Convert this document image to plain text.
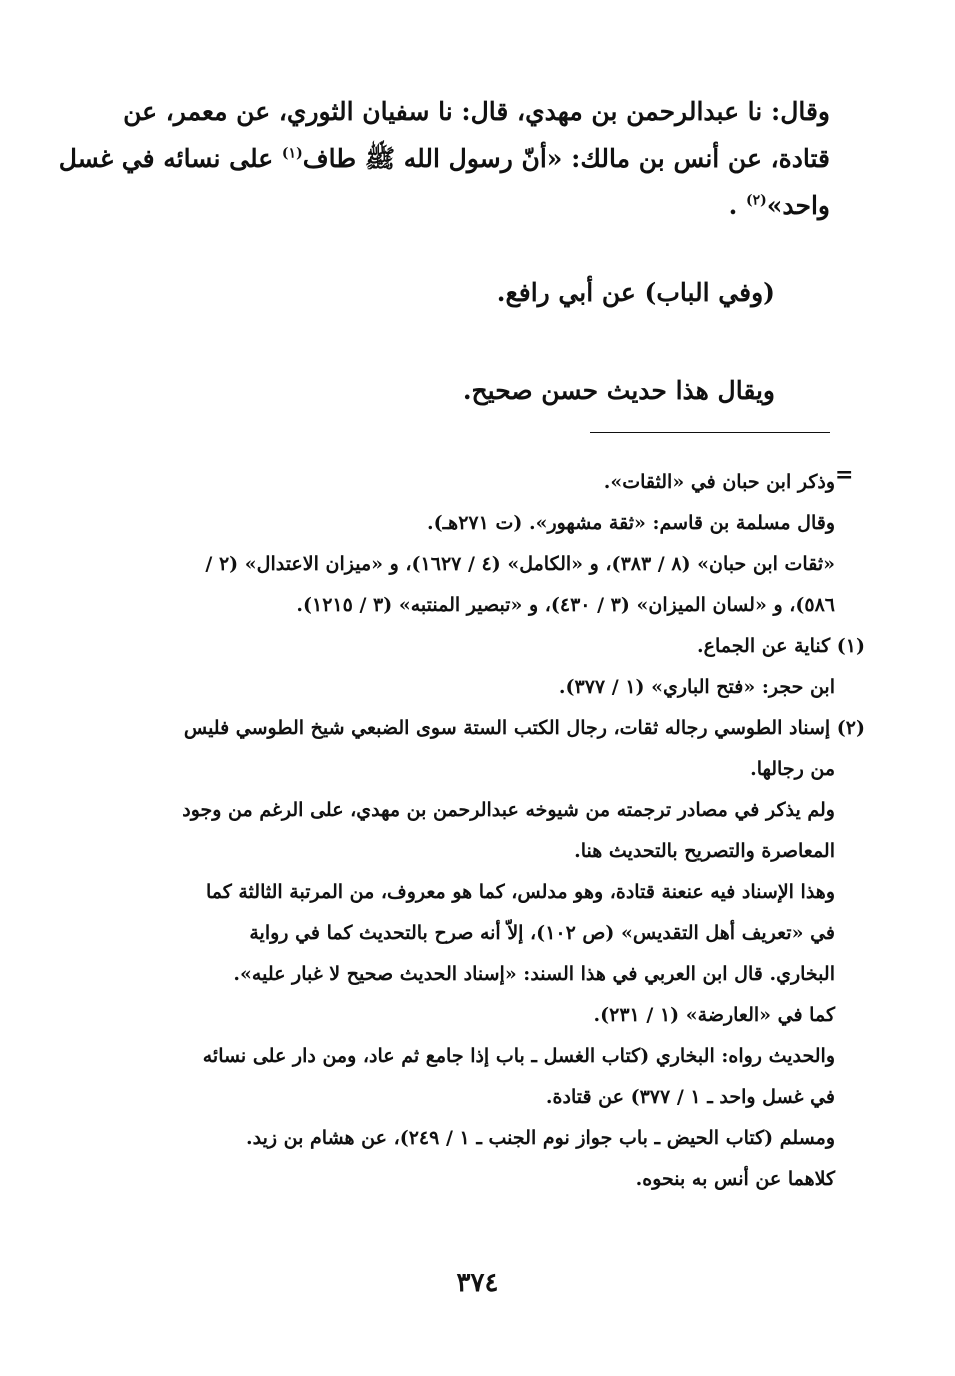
وقال: نا عبدالرحمن بن مهدي، قال: نا سفيان الثوري، عن معمر، عن
قتادة، عن أنس بن مالك: «أنّ رسول الله ﷺ طاف$^{(١)}$ على نسائه في غسل
واحد»$^{(٢)}$ .
(وفي الباب) عن أبي رافع.
ويقال هذا حديث حسن صحيح.
=
وذكر ابن حبان في «الثقات».
وقال مسلمة بن قاسم: «ثقة مشهور». (ت ٢٧١هـ).
«ثقات ابن حبان» (٨ / ٣٨٣)، و «الكامل» (٤ / ١٦٢٧)، و «ميزان الاعتدال» (٢ /
٥٨٦)، و «لسان الميزان» (٣ / ٤٣٠)، و «تبصير المنتبه» (٣ / ١٢١٥).
(١) كناية عن الجماع.
ابن حجر: «فتح الباري» (١ / ٣٧٧).
(٢) إسناد الطوسي رجاله ثقات، رجال الكتب الستة سوى الضبعي شيخ الطوسي فليس
من رجالها.
ولم يذكر في مصادر ترجمته من شيوخه عبدالرحمن بن مهدي، على الرغم من وجود
المعاصرة والتصريح بالتحديث هنا.
وهذا الإسناد فيه عنعنة قتادة، وهو مدلس، كما هو معروف، من المرتبة الثالثة كما
في «تعريف أهل التقديس» (ص ١٠٢)، إلاّ أنه صرح بالتحديث كما في رواية
البخاري. قال ابن العربي في هذا السند: «إسناد الحديث صحيح لا غبار عليه».
كما في «العارضة» (١ / ٢٣١).
والحديث رواه: البخاري (كتاب الغسل ـ باب إذا جامع ثم عاد، ومن دار على نسائه
في غسل واحد ـ ١ / ٣٧٧) عن قتادة.
ومسلم (كتاب الحيض ـ باب جواز نوم الجنب ـ ١ / ٢٤٩)، عن هشام بن زيد.
كلاهما عن أنس به بنحوه.
٣٧٤
